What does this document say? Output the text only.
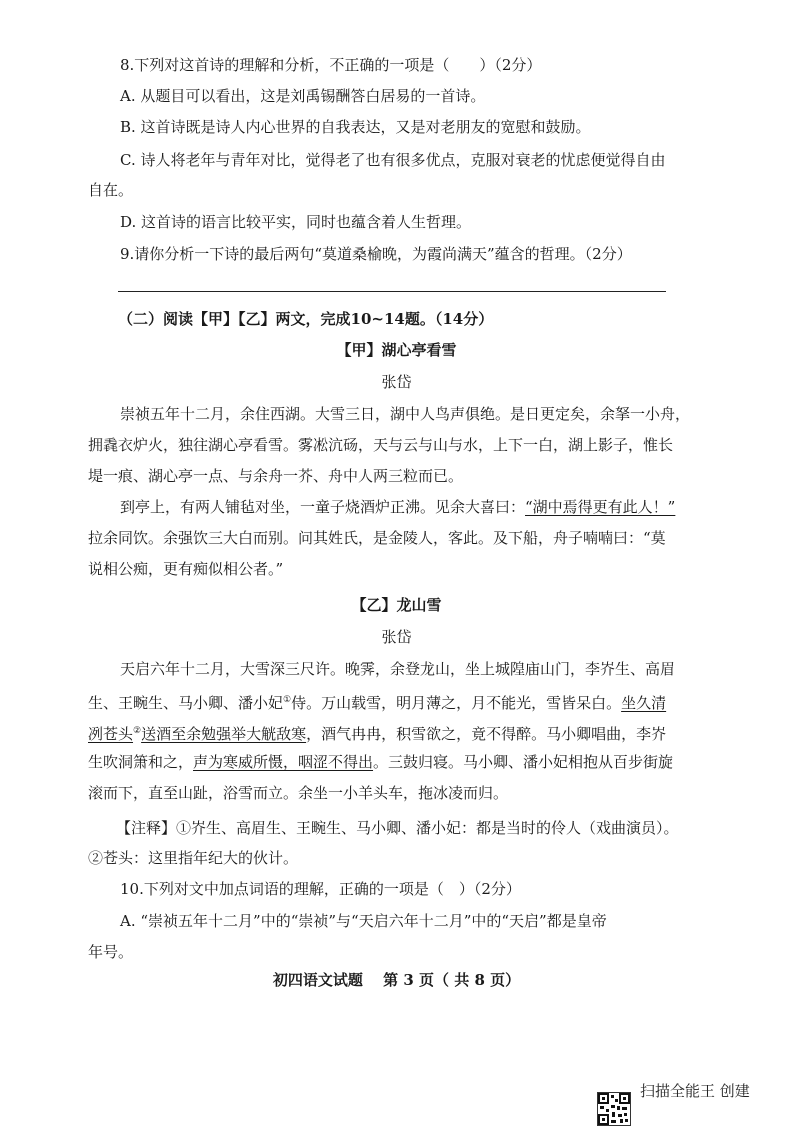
8.下列对这首诗的理解和分析，不正确的一项是（　　）（2分）
A. 从题目可以看出，这是刘禹锡酬答白居易的一首诗。
B. 这首诗既是诗人内心世界的自我表达，又是对老朋友的宽慰和鼓励。
C. 诗人将老年与青年对比，觉得老了也有很多优点，克服对衰老的忧虑便觉得自由
自在。
D. 这首诗的语言比较平实，同时也蕴含着人生哲理。
9.请你分析一下诗的最后两句“莫道桑榆晚，为霞尚满天”蕴含的哲理。（2分）
（二）阅读【甲】【乙】两文，完成10~14题。（14分）
【甲】湖心亭看雪
张岱
崇祯五年十二月，余住西湖。大雪三日，湖中人鸟声俱绝。是日更定矣，余拏一小舟，
拥毳衣炉火，独往湖心亭看雪。雾凇沆砀，天与云与山与水，上下一白，湖上影子，惟长
堤一痕、湖心亭一点、与余舟一芥、舟中人两三粒而已。
到亭上，有两人铺毡对坐，一童子烧酒炉正沸。见余大喜曰：“湖中焉得更有此人！”
拉余同饮。余强饮三大白而别。问其姓氏，是金陵人，客此。及下船，舟子喃喃曰：“莫
说相公痴，更有痴似相公者。”
【乙】龙山雪
张岱
天启六年十二月，大雪深三尺许。晚霁，余登龙山，坐上城隍庙山门，李岕生、高眉
生、王畹生、马小卿、潘小妃①侍。万山载雪，明月薄之，月不能光，雪皆呆白。坐久清
冽苍头②送酒至余勉强举大觥敌寒，酒气冉冉，积雪欲之，竟不得醉。马小卿唱曲，李岕
生吹洞箫和之，声为寒威所慑，咽涩不得出。三鼓归寝。马小卿、潘小妃相抱从百步街旋
滚而下，直至山趾，浴雪而立。余坐一小羊头车，拖冰凌而归。
【注释】①岕生、高眉生、王畹生、马小卿、潘小妃：都是当时的伶人（戏曲演员）。
②苍头：这里指年纪大的伙计。
10.下列对文中加点词语的理解，正确的一项是（　）（2分）
A. “崇祯五年十二月”中的“崇祯”与“天启六年十二月”中的“天启”都是皇帝
年号。
初四语文试题　 第 3 页（ 共 8 页）
扫描全能王 创建
